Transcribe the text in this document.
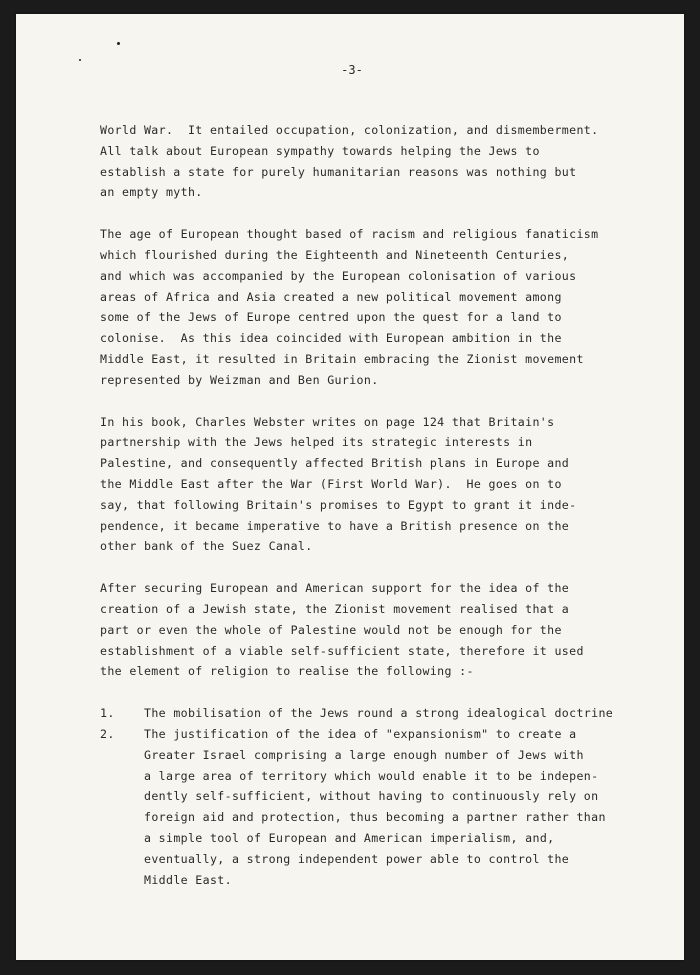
-3-
World War.  It entailed occupation, colonization, and dismemberment.
All talk about European sympathy towards helping the Jews to
establish a state for purely humanitarian reasons was nothing but
an empty myth.
The age of European thought based of racism and religious fanaticism
which flourished during the Eighteenth and Nineteenth Centuries,
and which was accompanied by the European colonisation of various
areas of Africa and Asia created a new political movement among
some of the Jews of Europe centred upon the quest for a land to
colonise.  As this idea coincided with European ambition in the
Middle East, it resulted in Britain embracing the Zionist movement
represented by Weizman and Ben Gurion.
In his book, Charles Webster writes on page 124 that Britain's
partnership with the Jews helped its strategic interests in
Palestine, and consequently affected British plans in Europe and
the Middle East after the War (First World War).  He goes on to
say, that following Britain's promises to Egypt to grant it inde-
pendence, it became imperative to have a British presence on the
other bank of the Suez Canal.
After securing European and American support for the idea of the
creation of a Jewish state, the Zionist movement realised that a
part or even the whole of Palestine would not be enough for the
establishment of a viable self-sufficient state, therefore it used
the element of religion to realise the following :-
1.	The mobilisation of the Jews round a strong idealogical doctrine
2.	The justification of the idea of "expansionism" to create a
Greater Israel comprising a large enough number of Jews with
a large area of territory which would enable it to be indepen-
dently self-sufficient, without having to continuously rely on
foreign aid and protection, thus becoming a partner rather than
a simple tool of European and American imperialism, and,
eventually, a strong independent power able to control the
Middle East.
